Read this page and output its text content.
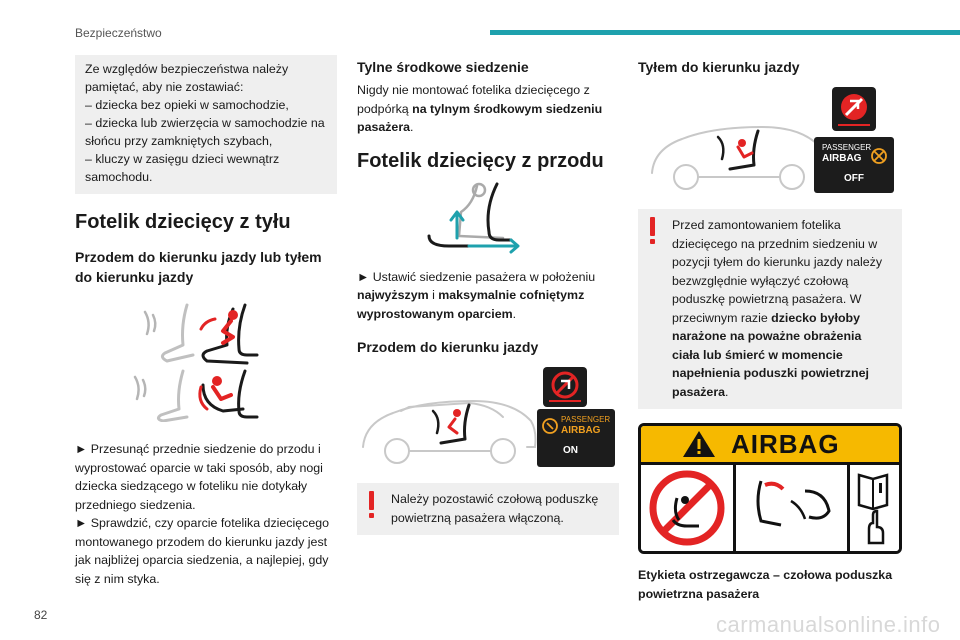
Bezpieczeństwo

Ze względów bezpieczeństwa należy

pamiętać, aby nie zostawiać:

– dziecka bez opieki w samochodzie,

– dziecka lub zwierzęcia w samochodzie na

słońcu przy zamkniętych szybach,

– kluczy w zasięgu dzieci wewnątrz

samochodu.

Fotelik dziecięcy z tyłu
Przodem do kierunku jazdy lub tyłem do kierunku jazdy

► Przesunąć przednie siedzenie do przodu i wyprostować oparcie w taki sposób, aby nogi dziecka siedzącego w foteliku nie dotykały przedniego siedzenia.

► Sprawdzić, czy oparcie fotelika dziecięcego montowanego przodem do kierunku jazdy jest jak najbliżej oparcia siedzenia, a najlepiej, gdy się z nim styka.

Tylne środkowe siedzenie

Nigdy nie montować fotelika dziecięcego z podpórką na tylnym środkowym siedzeniu pasażera.

Fotelik dziecięcy z przodu

► Ustawić siedzenie pasażera w położeniu najwyższym i maksymalnie cofniętymz wyprostowanym oparciem.

Przodem do kierunku jazdy
PASSENGER
AIRBAG
ON
Należy pozostawić czołową poduszkę powietrzną pasażera włączoną.
Tyłem do kierunku jazdy
PASSENGER
AIRBAG
OFF
Przed zamontowaniem fotelika dziecięcego na przednim siedzeniu w pozycji tyłem do kierunku jazdy należy bezwzględnie wyłączyć czołową poduszkę powietrzną pasażera. W przeciwnym razie dziecko byłoby narażone na poważne obrażenia ciała lub śmierć w momencie napełnienia poduszki powietrznej pasażera.
AIRBAG

Etykieta ostrzegawcza – czołowa poduszka powietrzna pasażera

82	carmanualsonline.info
